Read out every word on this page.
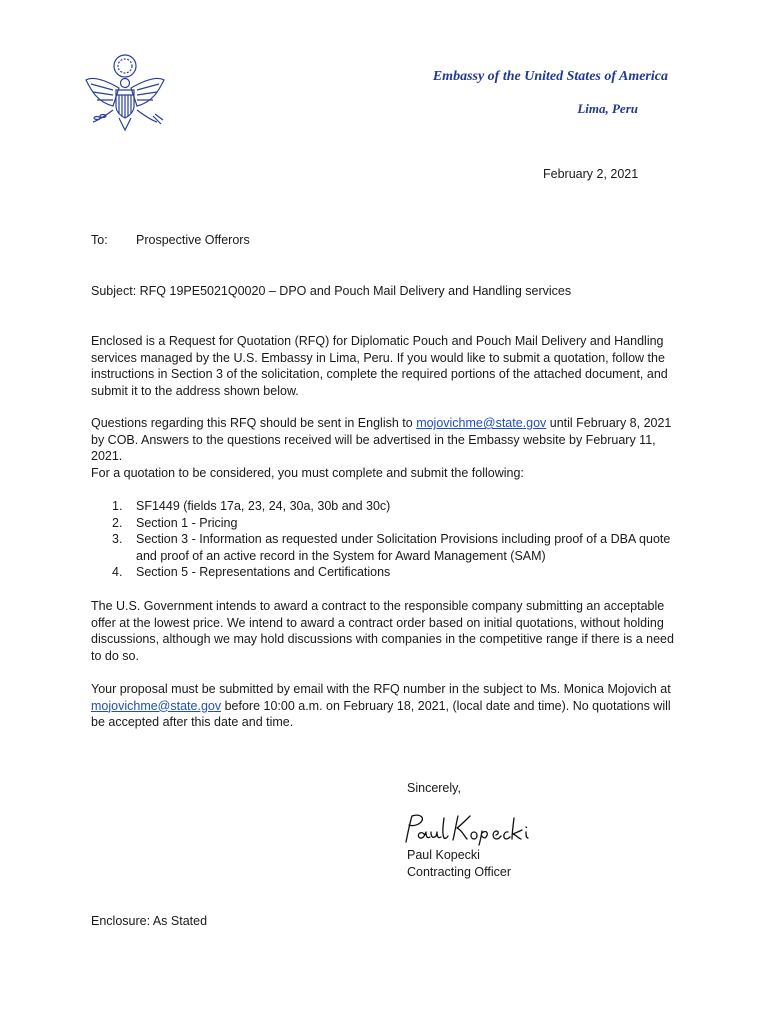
Embassy of the United States of America
Lima, Peru
February 2, 2021
To: Prospective Offerors
Subject: RFQ 19PE5021Q0020 – DPO and Pouch Mail Delivery and Handling services
Enclosed is a Request for Quotation (RFQ) for Diplomatic Pouch and Pouch Mail Delivery and Handling services managed by the U.S. Embassy in Lima, Peru. If you would like to submit a quotation, follow the instructions in Section 3 of the solicitation, complete the required portions of the attached document, and submit it to the address shown below.
Questions regarding this RFQ should be sent in English to mojovichme@state.gov until February 8, 2021 by COB. Answers to the questions received will be advertised in the Embassy website by February 11, 2021.
For a quotation to be considered, you must complete and submit the following:
1. SF1449 (fields 17a, 23, 24, 30a, 30b and 30c)
2. Section 1 - Pricing
3. Section 3 - Information as requested under Solicitation Provisions including proof of a DBA quote and proof of an active record in the System for Award Management (SAM)
4. Section 5 - Representations and Certifications
The U.S. Government intends to award a contract to the responsible company submitting an acceptable offer at the lowest price. We intend to award a contract order based on initial quotations, without holding discussions, although we may hold discussions with companies in the competitive range if there is a need to do so.
Your proposal must be submitted by email with the RFQ number in the subject to Ms. Monica Mojovich at mojovichme@state.gov before 10:00 a.m. on February 18, 2021, (local date and time). No quotations will be accepted after this date and time.
Sincerely,
Paul Kopecki
Contracting Officer
Enclosure: As Stated
